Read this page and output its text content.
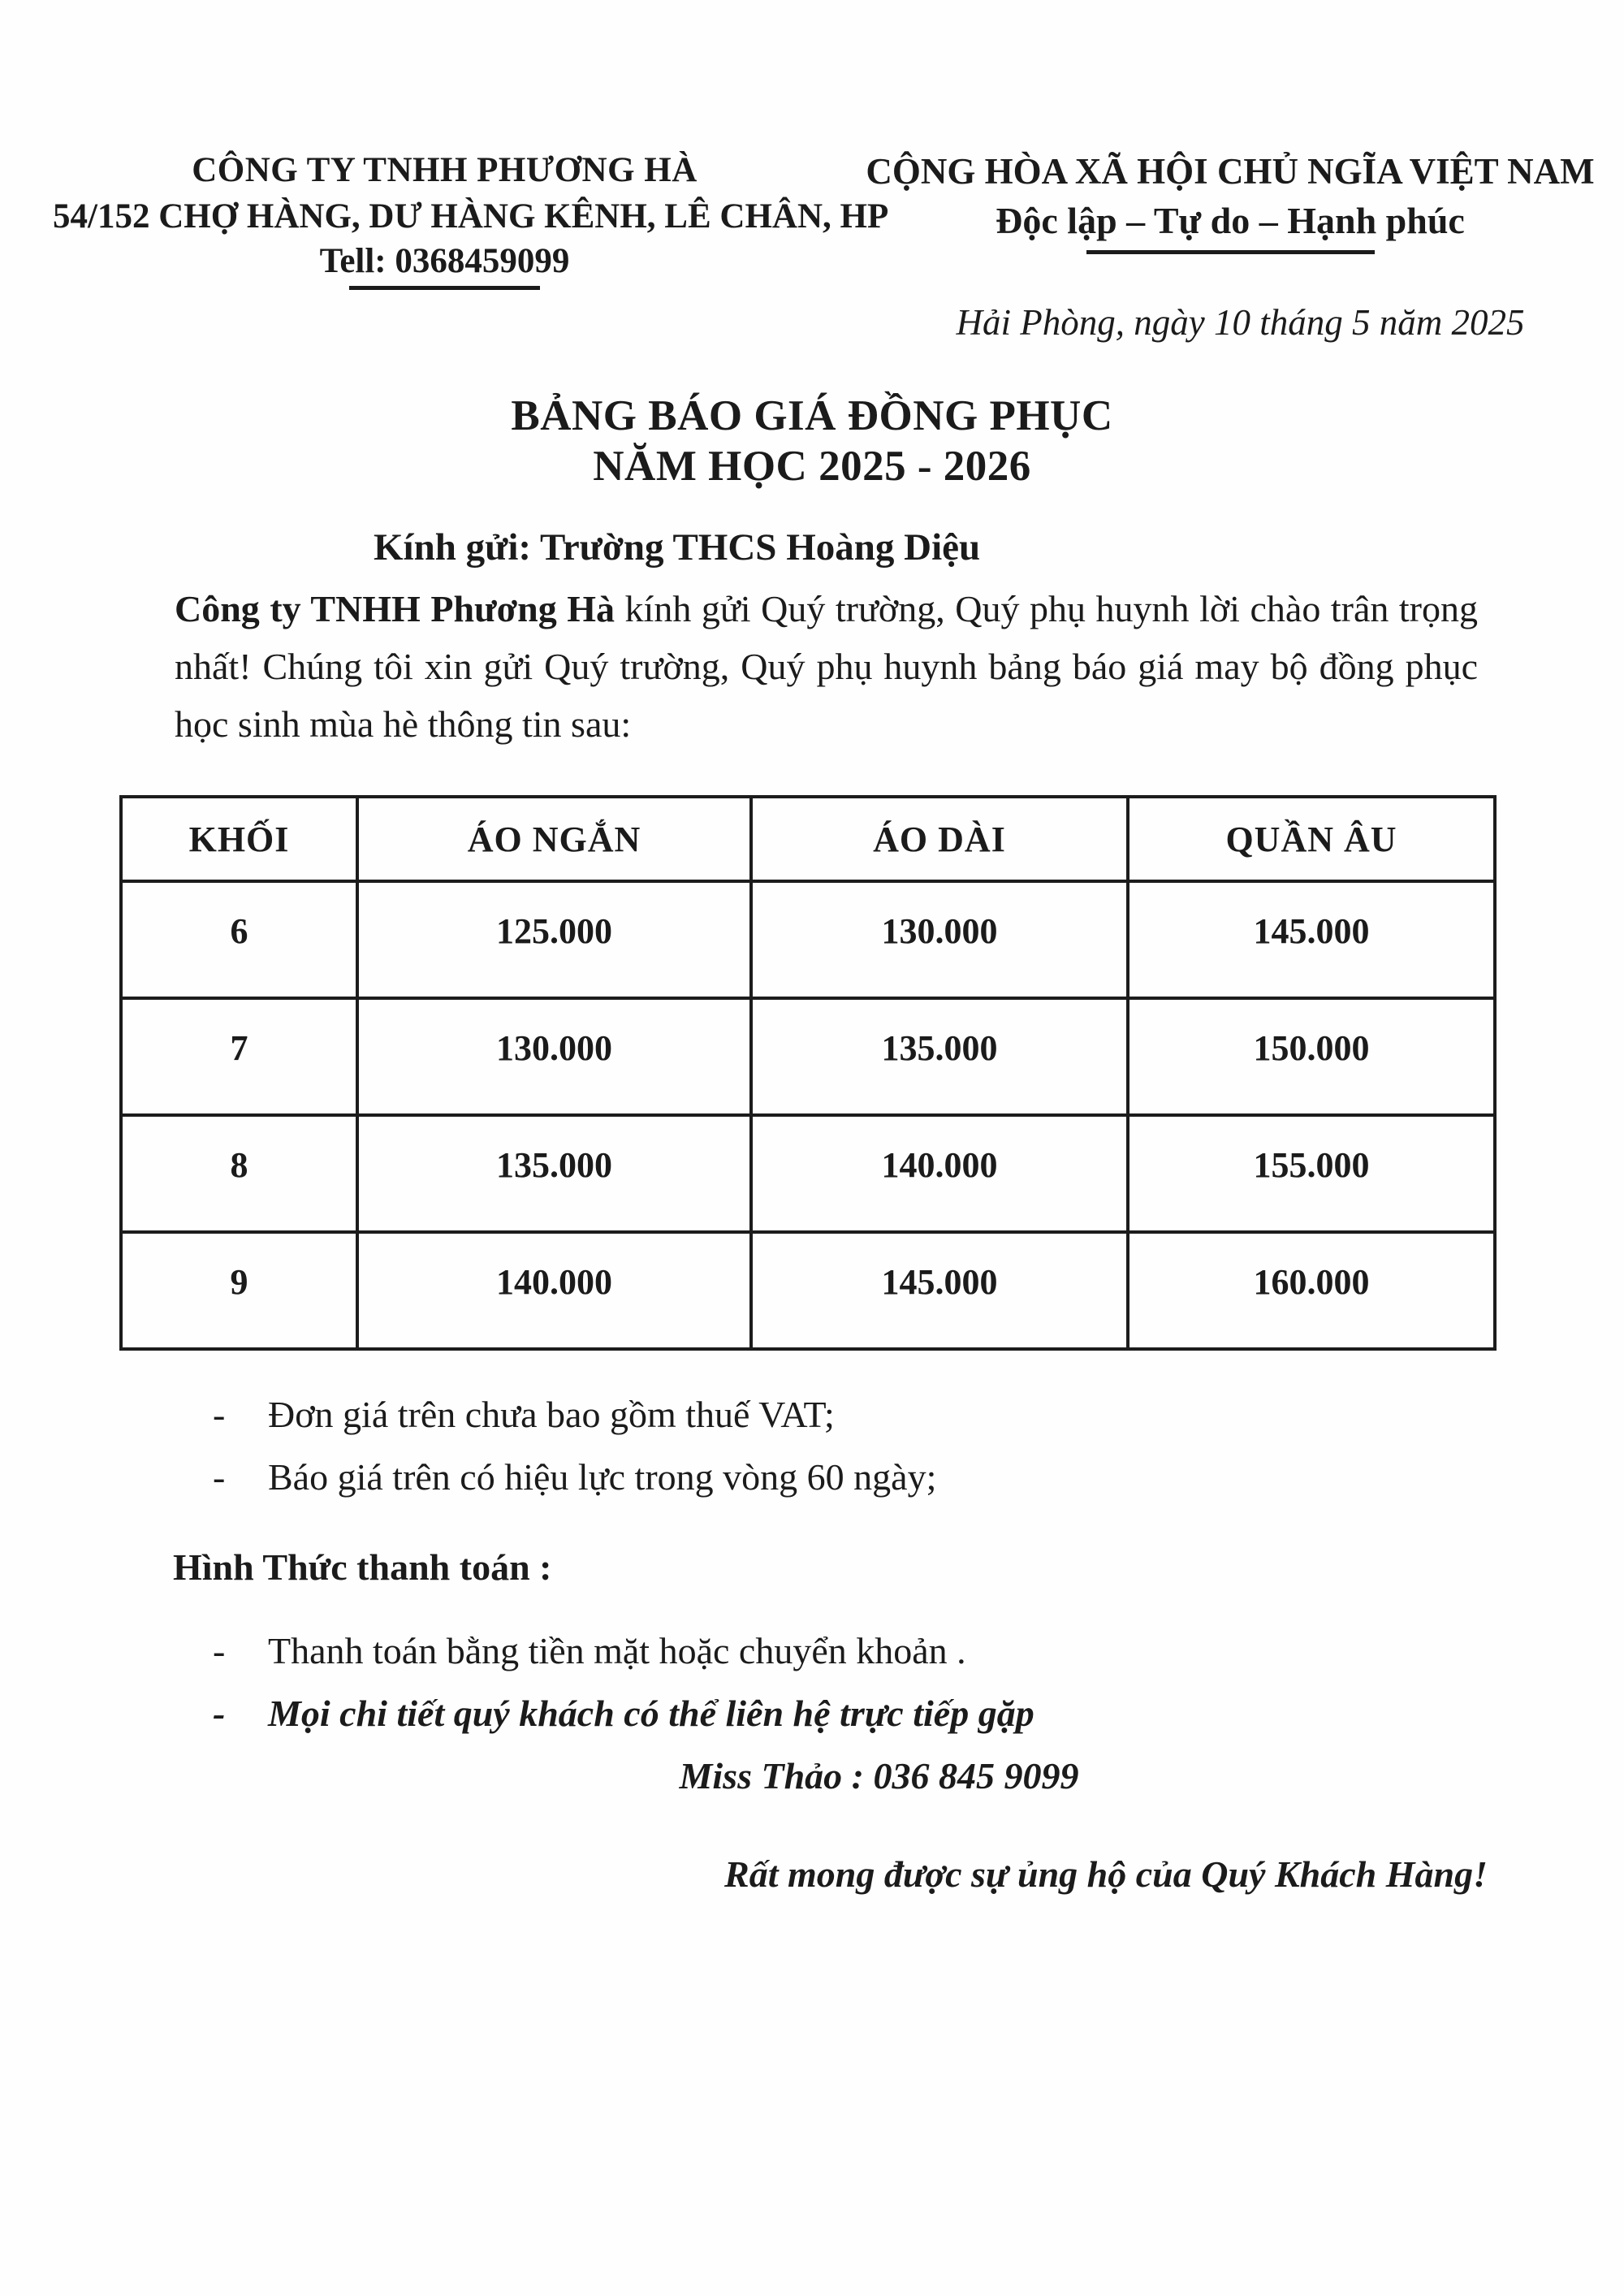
CÔNG TY TNHH PHƯƠNG HÀ
54/152 CHỢ HÀNG, DƯ HÀNG KÊNH, LÊ CHÂN, HP
Tell: 0368459099
CỘNG HÒA XÃ HỘI CHỦ NGĨA VIỆT NAM
Độc lập – Tự do – Hạnh phúc
Hải Phòng, ngày 10 tháng 5 năm 2025
BẢNG BÁO GIÁ ĐỒNG PHỤC
NĂM HỌC 2025 - 2026
Kính gửi: Trường THCS Hoàng Diệu
Công ty TNHH Phương Hà kính gửi Quý trường, Quý phụ huynh lời chào trân trọng nhất! Chúng tôi xin gửi Quý trường, Quý phụ huynh bảng báo giá may bộ đồng phục học sinh mùa hè thông tin sau:
KHỐI	ÁO NGẮN	ÁO DÀI	QUẦN ÂU
6	125.000	130.000	145.000
7	130.000	135.000	150.000
8	135.000	140.000	155.000
9	140.000	145.000	160.000
-	Đơn giá trên chưa bao gồm thuế VAT;
-	Báo giá trên có hiệu lực trong vòng 60 ngày;
Hình Thức thanh toán :
-	Thanh toán bằng tiền mặt hoặc chuyển khoản .
-	Mọi chi tiết quý khách có thể liên hệ trực tiếp gặp
Miss Thảo : 036 845 9099
Rất mong được sự ủng hộ của Quý Khách Hàng!
